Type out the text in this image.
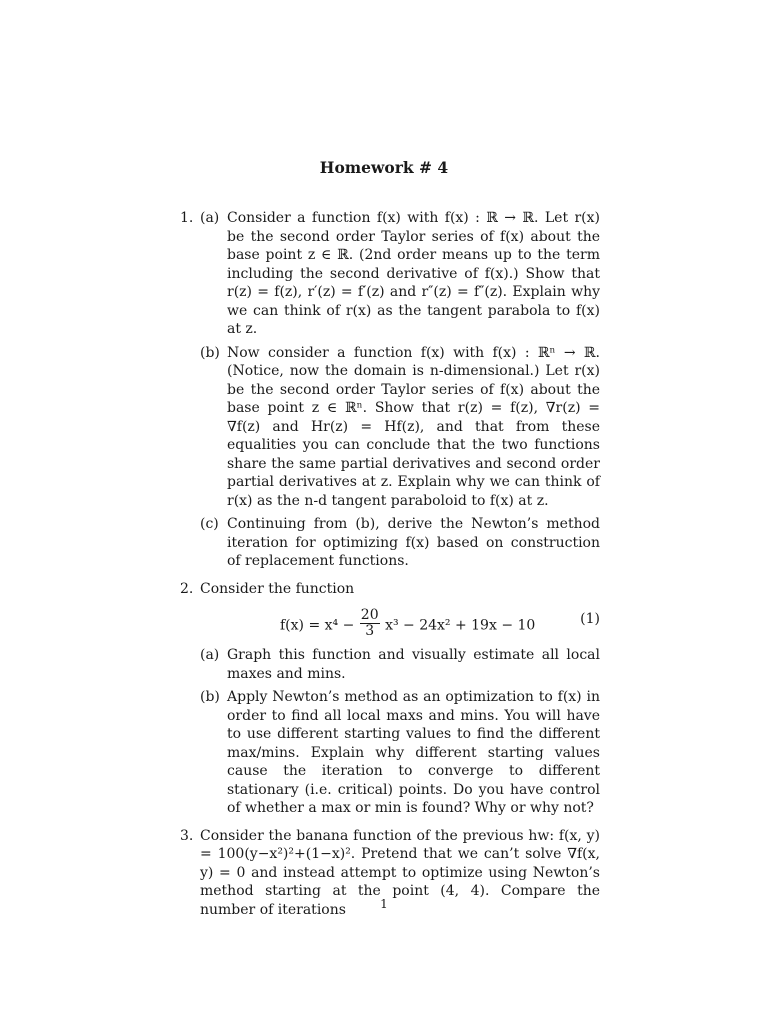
Homework # 4
1. (a) Consider a function f(x) with f(x) : ℝ → ℝ. Let r(x) be the second order Taylor series of f(x) about the base point z ∈ ℝ. (2nd order means up to the term including the second derivative of f(x).) Show that r(z) = f(z), r′(z) = f′(z) and r″(z) = f″(z). Explain why we can think of r(x) as the tangent parabola to f(x) at z.
(b) Now consider a function f(x) with f(x) : ℝⁿ → ℝ. (Notice, now the domain is n-dimensional.) Let r(x) be the second order Taylor series of f(x) about the base point z ∈ ℝⁿ. Show that r(z) = f(z), ∇r(z) = ∇f(z) and Hr(z) = Hf(z), and that from these equalities you can conclude that the two functions share the same partial derivatives and second order partial derivatives at z. Explain why we can think of r(x) as the n-d tangent paraboloid to f(x) at z.
(c) Continuing from (b), derive the Newton’s method iteration for optimizing f(x) based on construction of replacement functions.
2. Consider the function
$f(x) = x^4 - \frac{20}{3} x^3 - 24x^2 + 19x - 10$	(1)
(a) Graph this function and visually estimate all local maxes and mins.
(b) Apply Newton’s method as an optimization to f(x) in order to find all local maxs and mins. You will have to use different starting values to find the different max/mins. Explain why different starting values cause the iteration to converge to different stationary (i.e. critical) points. Do you have control of whether a max or min is found? Why or why not?
3. Consider the banana function of the previous hw: f(x, y) = 100(y−x²)²+(1−x)². Pretend that we can’t solve ∇f(x, y) = 0 and instead attempt to optimize using Newton’s method starting at the point (4, 4). Compare the number of iterations	1
